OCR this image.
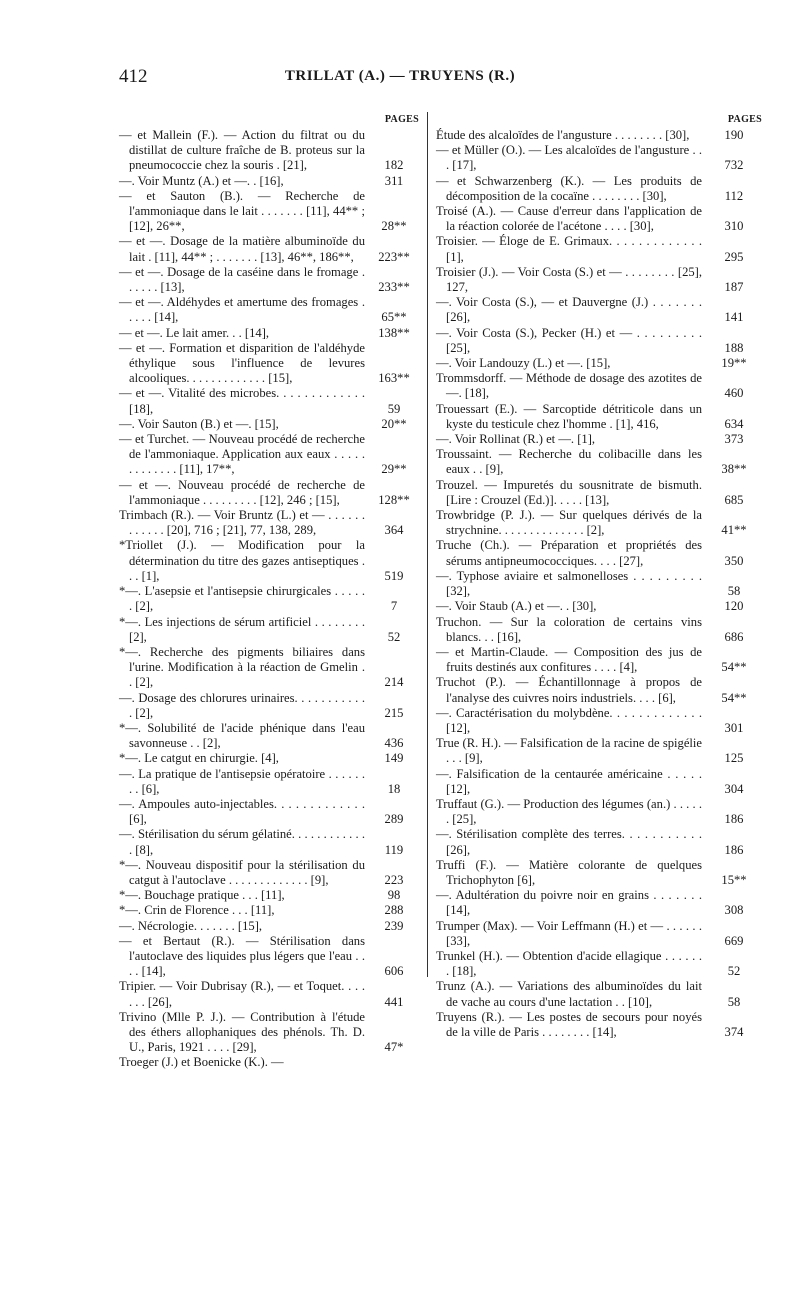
412	TRILLAT (A.) — TRUYENS (R.)
PAGES
— et Mallein (F.). — Action du filtrat ou du distillat de culture fraîche de B. proteus sur la pneumococcie chez la souris . [21],	182
—. Voir Muntz (A.) et —. . [16],	311
— et Sauton (B.). — Recherche de l'ammoniaque dans le lait . . . . . . . [11], 44** ; [12], 26**,	28**
— et —. Dosage de la matière albuminoïde du lait . [11], 44** ; . . . . . . . [13], 46**, 186**,	223**
— et —. Dosage de la caséine dans le fromage . . . . . . [13],	233**
— et —. Aldéhydes et amertume des fromages . . . . . [14],	65**
— et —. Le lait amer. . . [14],	138**
— et —. Formation et disparition de l'aldéhyde éthylique sous l'influence de levures alcooliques. . . . . . . . . . . . . [15],	163**
— et —. Vitalité des microbes. . . . . . . . . . . . . [18],	59
—. Voir Sauton (B.) et —. [15],	20**
— et Turchet. — Nouveau procédé de recherche de l'ammoniaque. Application aux eaux . . . . . . . . . . . . . [11], 17**,	29**
— et —. Nouveau procédé de recherche de l'ammoniaque . . . . . . . . . [12], 246 ; [15],	128**
Trimbach (R.). — Voir Bruntz (L.) et — . . . . . . . . . . . . [20], 716 ; [21], 77, 138, 289,	364
*Triollet (J.). — Modification pour la détermination du titre des gazes antiseptiques . . . [1],	519
*—. L'asepsie et l'antisepsie chirurgicales . . . . . . [2],	7
*—. Les injections de sérum artificiel . . . . . . . . [2],	52
*—. Recherche des pigments biliaires dans l'urine. Modification à la réaction de Gmelin . . [2],	214
—. Dosage des chlorures urinaires. . . . . . . . . . . . [2],	215
*—. Solubilité de l'acide phénique dans l'eau savonneuse . . [2],	436
*—. Le catgut en chirurgie. [4],	149
—. La pratique de l'antisepsie opératoire . . . . . . . . [6],	18
—. Ampoules auto-injectables. . . . . . . . . . . . . [6],	289
—. Stérilisation du sérum gélatiné. . . . . . . . . . . . . [8],	119
*—. Nouveau dispositif pour la stérilisation du catgut à l'autoclave . . . . . . . . . . . . . [9],	223
*—. Bouchage pratique . . . [11],	98
*—. Crin de Florence . . . [11],	288
—. Nécrologie. . . . . . . [15],	239
— et Bertaut (R.). — Stérilisation dans l'autoclave des liquides plus légers que l'eau . . . . [14],	606
Tripier. — Voir Dubrisay (R.), — et Toquet. . . . . . . [26],	441
Trivino (Mlle P. J.). — Contribution à l'étude des éthers allophaniques des phénols. Th. D. U., Paris, 1921 . . . . [29],	47*
Troeger (J.) et Boenicke (K.). —
PAGES
Étude des alcaloïdes de l'angusture . . . . . . . . [30],	190
— et Müller (O.). — Les alcaloïdes de l'angusture . . . [17],	732
— et Schwarzenberg (K.). — Les produits de décomposition de la cocaïne . . . . . . . . [30],	112
Troisé (A.). — Cause d'erreur dans l'application de la réaction colorée de l'acétone . . . . [30],	310
Troisier. — Éloge de E. Grimaux. . . . . . . . . . . . . [1],	295
Troisier (J.). — Voir Costa (S.) et — . . . . . . . . [25], 127,	187
—. Voir Costa (S.), — et Dauvergne (J.) . . . . . . . [26],	141
—. Voir Costa (S.), Pecker (H.) et — . . . . . . . . . [25],	188
—. Voir Landouzy (L.) et —. [15],	19**
Trommsdorff. — Méthode de dosage des azotites de —. [18],	460
Trouessart (E.). — Sarcoptide détriticole dans un kyste du testicule chez l'homme . [1], 416,	634
—. Voir Rollinat (R.) et —. [1],	373
Troussaint. — Recherche du colibacille dans les eaux . . [9],	38**
Trouzel. — Impuretés du sousnitrate de bismuth. [Lire : Crouzel (Ed.)]. . . . . [13],	685
Trowbridge (P. J.). — Sur quelques dérivés de la strychnine. . . . . . . . . . . . . . [2],	41**
Truche (Ch.). — Préparation et propriétés des sérums antipneumococciques. . . . [27],	350
—. Typhose aviaire et salmonelloses . . . . . . . . . [32],	58
—. Voir Staub (A.) et —. . [30],	120
Truchon. — Sur la coloration de certains vins blancs. . . [16],	686
— et Martin-Claude. — Composition des jus de fruits destinés aux confitures . . . . [4],	54**
Truchot (P.). — Échantillonnage à propos de l'analyse des cuivres noirs industriels. . . . [6],	54**
—. Caractérisation du molybdène. . . . . . . . . . . . . [12],	301
True (R. H.). — Falsification de la racine de spigélie . . . [9],	125
—. Falsification de la centaurée américaine . . . . . [12],	304
Truffaut (G.). — Production des légumes (an.) . . . . . . [25],	186
—. Stérilisation complète des terres. . . . . . . . . . . [26],	186
Truffi (F.). — Matière colorante de quelques Trichophyton [6],	15**
—. Adultération du poivre noir en grains . . . . . . . [14],	308
Trumper (Max). — Voir Leffmann (H.) et — . . . . . . [33],	669
Trunkel (H.). — Obtention d'acide ellagique . . . . . . . [18],	52
Trunz (A.). — Variations des albuminoïdes du lait de vache au cours d'une lactation . . [10],	58
Truyens (R.). — Les postes de secours pour noyés de la ville de Paris . . . . . . . . [14],	374
